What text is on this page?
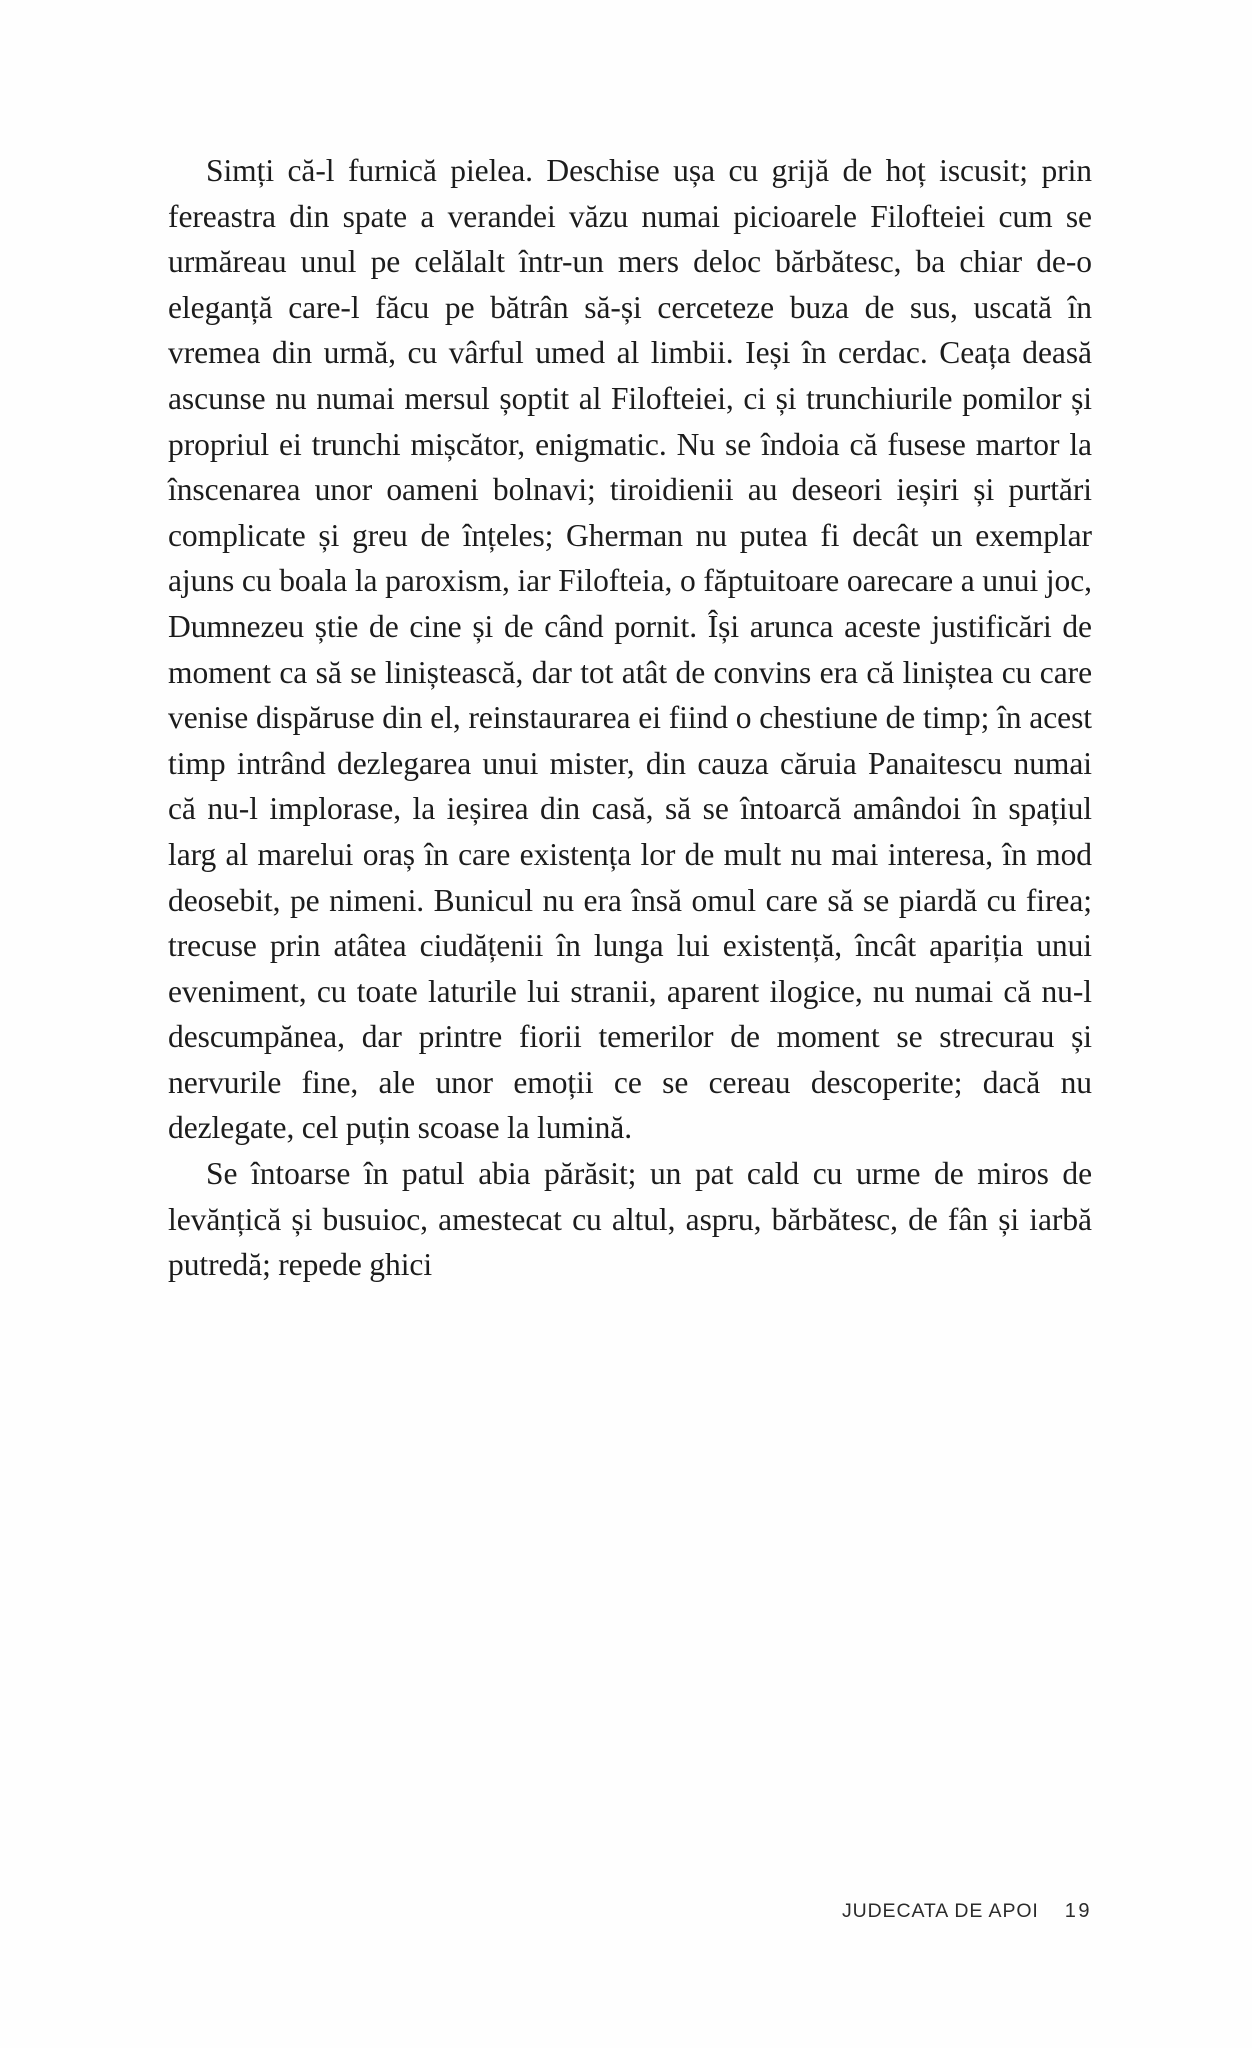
Simți că-l furnică pielea. Deschise ușa cu grijă de hoț iscusit; prin fereastra din spate a verandei văzu numai picioarele Filofteiei cum se urmăreau unul pe celălalt într-un mers deloc bărbătesc, ba chiar de-o eleganță care-l făcu pe bătrân să-și cerceteze buza de sus, uscată în vremea din urmă, cu vârful umed al limbii. Ieși în cerdac. Ceața deasă ascunse nu numai mersul șoptit al Filofteiei, ci și trunchiurile pomilor și propriul ei trunchi mișcător, enigmatic. Nu se îndoia că fusese martor la înscenarea unor oameni bolnavi; tiroidienii au deseori ieșiri și purtări complicate și greu de înțeles; Gherman nu putea fi decât un exemplar ajuns cu boala la paroxism, iar Filofteia, o făptuitoare oarecare a unui joc, Dumnezeu știe de cine și de când pornit. Își arunca aceste justificări de moment ca să se liniștească, dar tot atât de convins era că liniștea cu care venise dispăruse din el, reinstaurarea ei fiind o chestiune de timp; în acest timp intrând dezlegarea unui mister, din cauza căruia Panaitescu numai că nu-l implorase, la ieșirea din casă, să se întoarcă amândoi în spațiul larg al marelui oraș în care existența lor de mult nu mai interesa, în mod deosebit, pe nimeni. Bunicul nu era însă omul care să se piardă cu firea; trecuse prin atâtea ciudățenii în lunga lui existență, încât apariția unui eveniment, cu toate laturile lui stranii, aparent ilogice, nu numai că nu-l descumpănea, dar printre fiorii temerilor de moment se strecurau și nervurile fine, ale unor emoții ce se cereau descoperite; dacă nu dezlegate, cel puțin scoase la lumină.

Se întoarse în patul abia părăsit; un pat cald cu urme de miros de levănțică și busuioc, amestecat cu altul, aspru, bărbătesc, de fân și iarbă putredă; repede ghici

JUDECATA DE APOI 19
